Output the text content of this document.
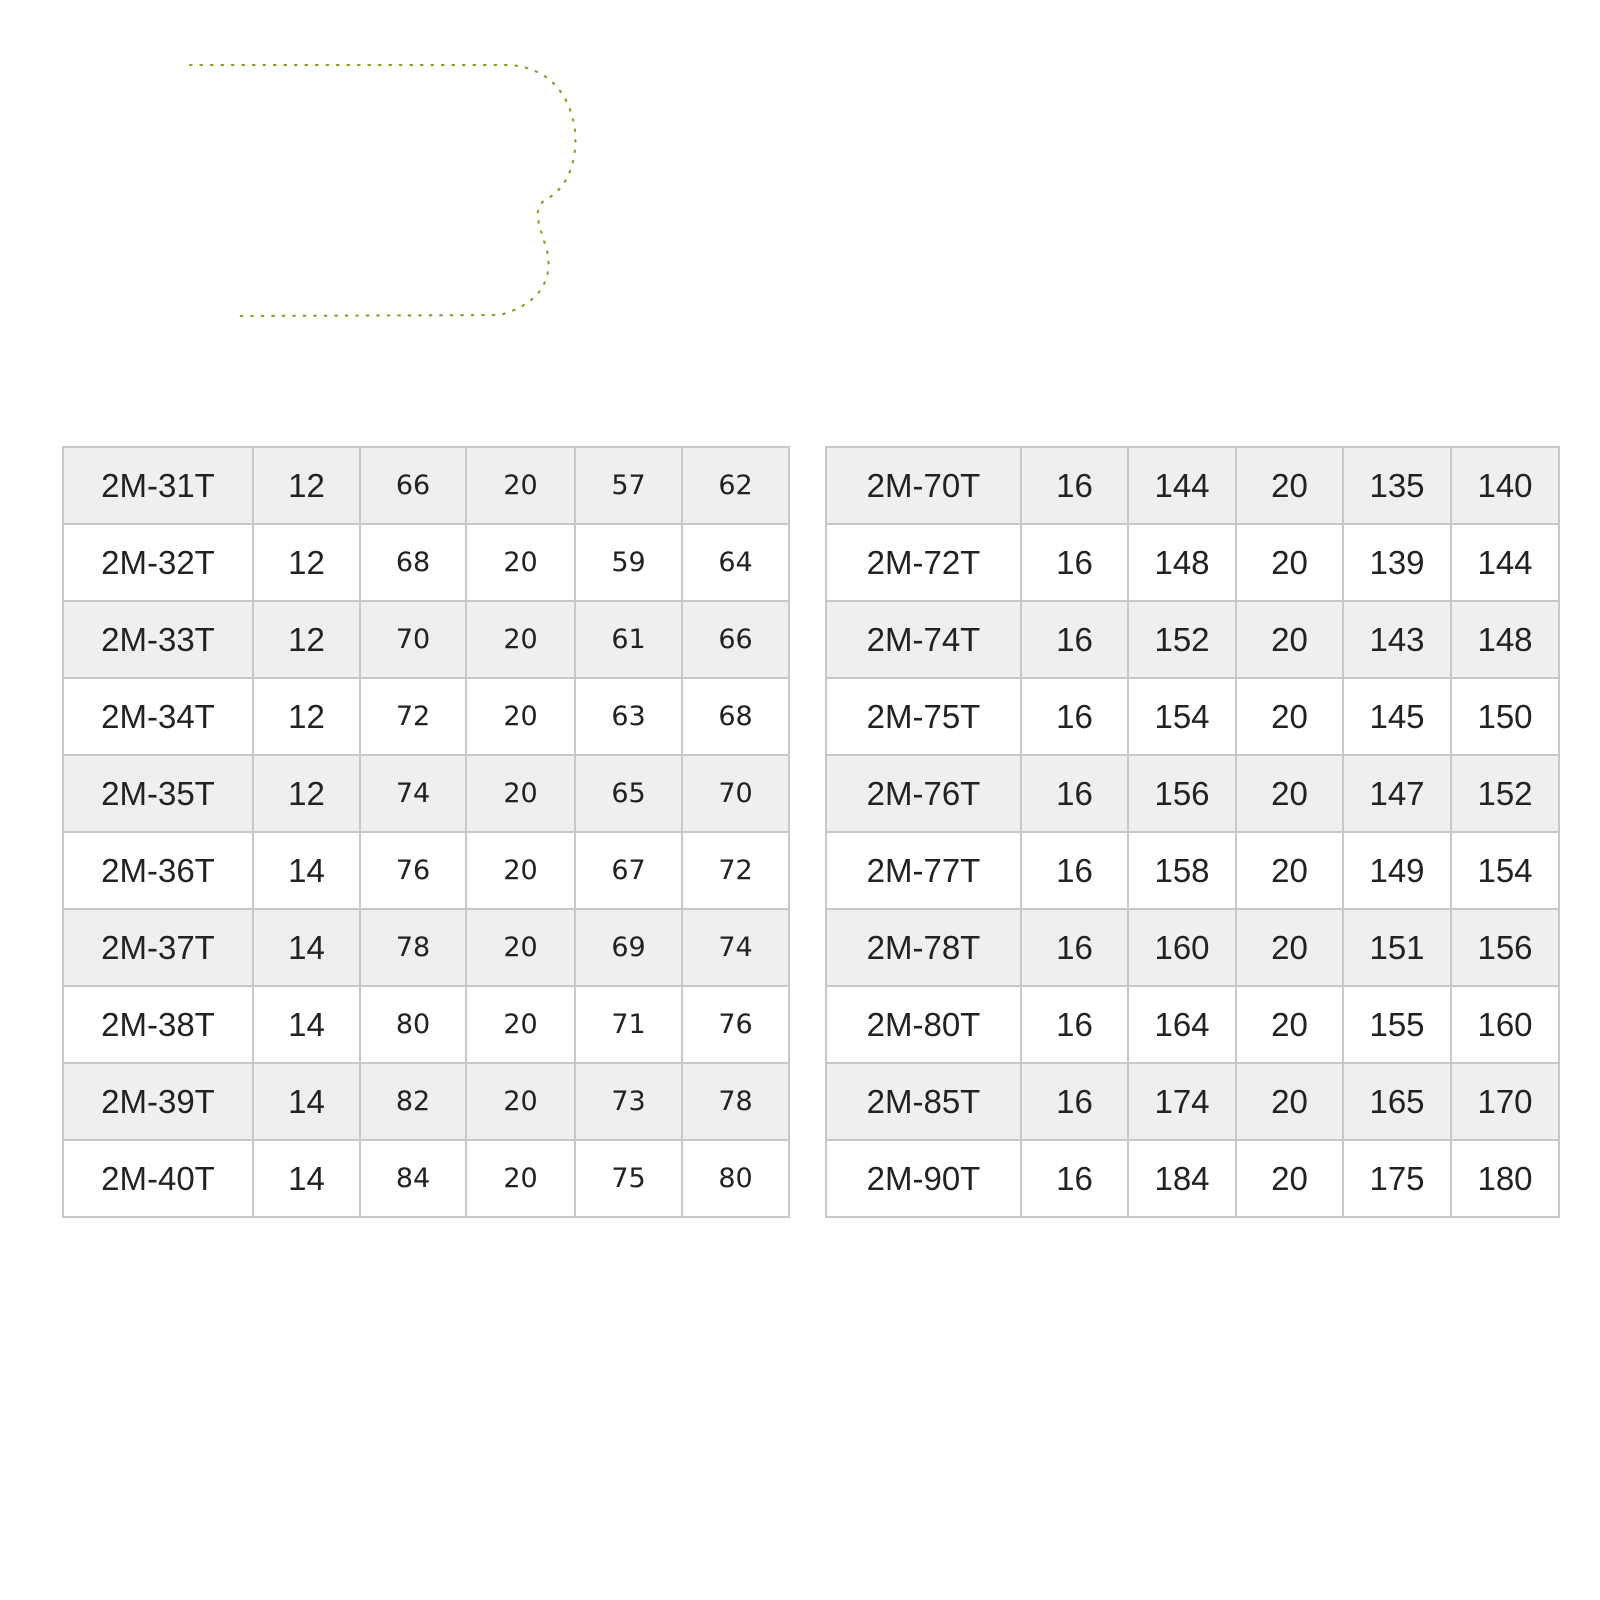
2M-31T	12	66	20	57	62
2M-32T	12	68	20	59	64
2M-33T	12	70	20	61	66
2M-34T	12	72	20	63	68
2M-35T	12	74	20	65	70
2M-36T	14	76	20	67	72
2M-37T	14	78	20	69	74
2M-38T	14	80	20	71	76
2M-39T	14	82	20	73	78
2M-40T	14	84	20	75	80
2M-70T	16	144	20	135	140
2M-72T	16	148	20	139	144
2M-74T	16	152	20	143	148
2M-75T	16	154	20	145	150
2M-76T	16	156	20	147	152
2M-77T	16	158	20	149	154
2M-78T	16	160	20	151	156
2M-80T	16	164	20	155	160
2M-85T	16	174	20	165	170
2M-90T	16	184	20	175	180
